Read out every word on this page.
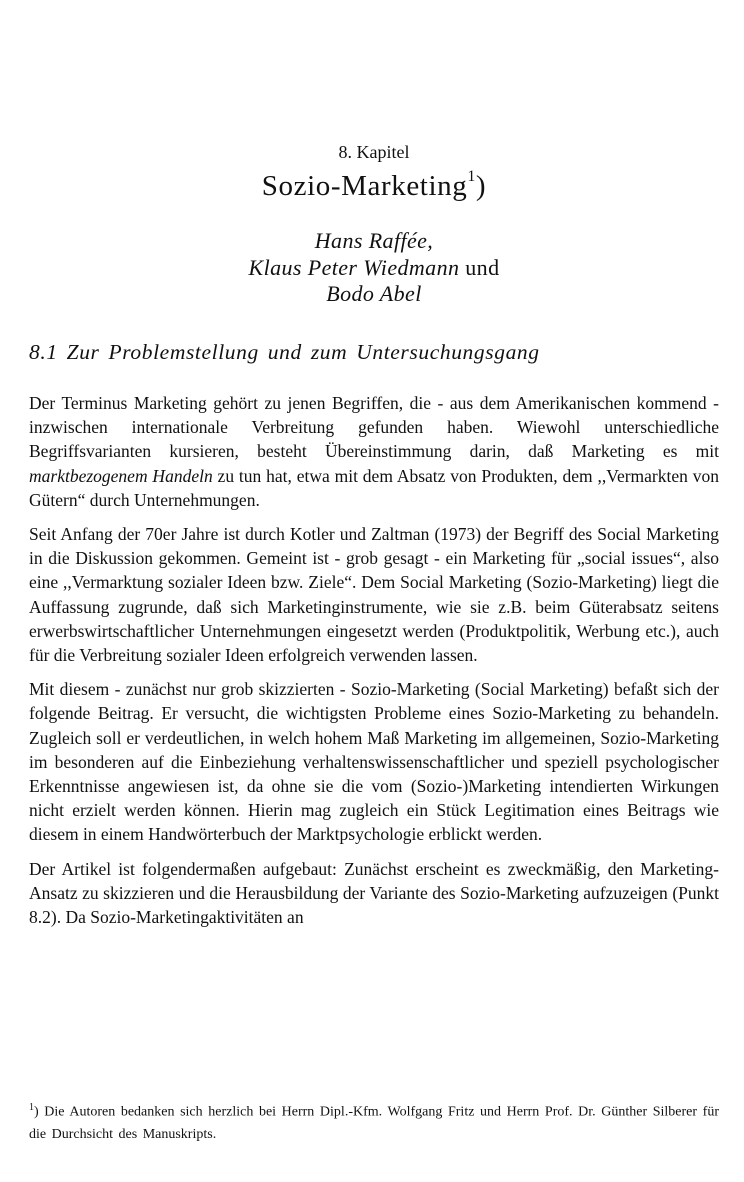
8. Kapitel
Sozio-Marketing$^1$)
Hans Raffée,
Klaus Peter Wiedmann und
Bodo Abel
8.1 Zur Problemstellung und zum Untersuchungsgang

Der Terminus Marketing gehört zu jenen Begriffen, die - aus dem Amerikanischen kommend - inzwischen internationale Verbreitung gefunden haben. Wiewohl unterschiedliche Begriffsvarianten kursieren, besteht Übereinstimmung darin, daß Marketing es mit marktbezogenem Handeln zu tun hat, etwa mit dem Absatz von Produkten, dem ,,Vermarkten von Gütern“ durch Unternehmungen.

Seit Anfang der 70er Jahre ist durch Kotler und Zaltman (1973) der Begriff des Social Marketing in die Diskussion gekommen. Gemeint ist - grob gesagt - ein Marketing für „social issues“, also eine ,,Vermarktung sozialer Ideen bzw. Ziele“. Dem Social Marketing (Sozio-Marketing) liegt die Auffassung zugrunde, daß sich Marketinginstrumente, wie sie z.B. beim Güterabsatz seitens erwerbswirtschaftlicher Unternehmungen eingesetzt werden (Produktpolitik, Werbung etc.), auch für die Verbreitung sozialer Ideen erfolgreich verwenden lassen.

Mit diesem - zunächst nur grob skizzierten - Sozio-Marketing (Social Marketing) befaßt sich der folgende Beitrag. Er versucht, die wichtigsten Probleme eines Sozio-Marketing zu behandeln. Zugleich soll er verdeutlichen, in welch hohem Maß Marketing im allgemeinen, Sozio-Marketing im besonderen auf die Einbeziehung verhaltenswissenschaftlicher und speziell psychologischer Erkenntnisse angewiesen ist, da ohne sie die vom (Sozio-)Marketing intendierten Wirkungen nicht erzielt werden können. Hierin mag zugleich ein Stück Legitimation eines Beitrags wie diesem in einem Handwörterbuch der Marktpsychologie erblickt werden.

Der Artikel ist folgendermaßen aufgebaut: Zunächst erscheint es zweckmäßig, den Marketing-Ansatz zu skizzieren und die Herausbildung der Variante des Sozio-Marketing aufzuzeigen (Punkt 8.2). Da Sozio-Marketingaktivitäten an

$^1$) Die Autoren bedanken sich herzlich bei Herrn Dipl.-Kfm. Wolfgang Fritz und Herrn Prof. Dr. Günther Silberer für die Durchsicht des Manuskripts.
